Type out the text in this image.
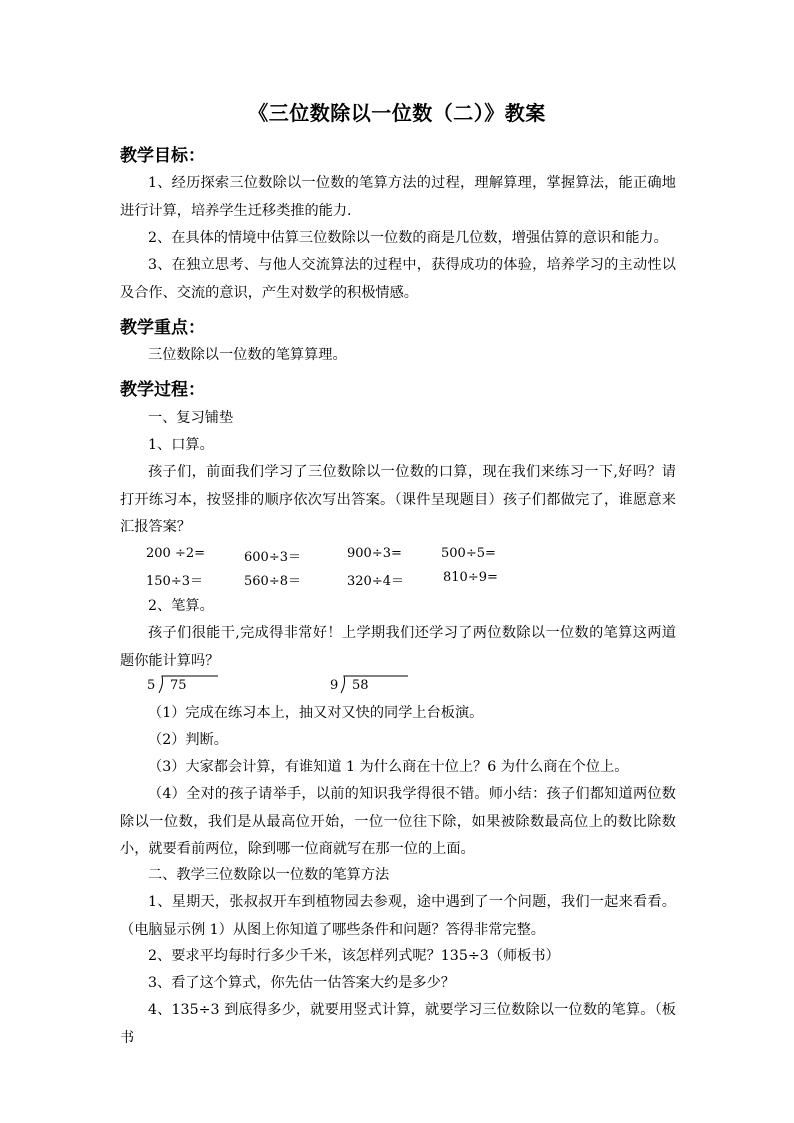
《三位数除以一位数（二）》教案
教学目标：
1、经历探索三位数除以一位数的笔算方法的过程，理解算理，掌握算法，能正确地进行计算，培养学生迁移类推的能力.
2、在具体的情境中估算三位数除以一位数的商是几位数，增强估算的意识和能力。
3、在独立思考、与他人交流算法的过程中，获得成功的体验，培养学习的主动性以及合作、交流的意识，产生对数学的积极情感。
教学重点：
三位数除以一位数的笔算算理。
教学过程：
一、复习铺垫
1、口算。
孩子们，前面我们学习了三位数除以一位数的口算，现在我们来练习一下,好吗？请打开练习本，按竖排的顺序依次写出答案。（课件呈现题目）孩子们都做完了，谁愿意来汇报答案？
200 ÷2=	600÷3＝	900÷3=	500÷5=
150÷3＝	560÷8＝	320÷4＝	810÷9=
2、笔算。
孩子们很能干,完成得非常好！上学期我们还学习了两位数除以一位数的笔算这两道题你能计算吗？
5 75	9 58
（1）完成在练习本上，抽又对又快的同学上台板演。
（2）判断。
（3）大家都会计算，有谁知道 1 为什么商在十位上？6 为什么商在个位上。
（4）全对的孩子请举手，以前的知识我学得很不错。师小结：孩子们都知道两位数除以一位数，我们是从最高位开始，一位一位往下除，如果被除数最高位上的数比除数小，就要看前两位，除到哪一位商就写在那一位的上面。
二、教学三位数除以一位数的笔算方法
1、星期天，张叔叔开车到植物园去参观，途中遇到了一个问题，我们一起来看看。（电脑显示例 1）从图上你知道了哪些条件和问题？答得非常完整。
2、要求平均每时行多少千米，该怎样列式呢？135÷3（师板书）
3、看了这个算式，你先估一估答案大约是多少？
4、135÷3 到底得多少，就要用竖式计算，就要学习三位数除以一位数的笔算。（板书
